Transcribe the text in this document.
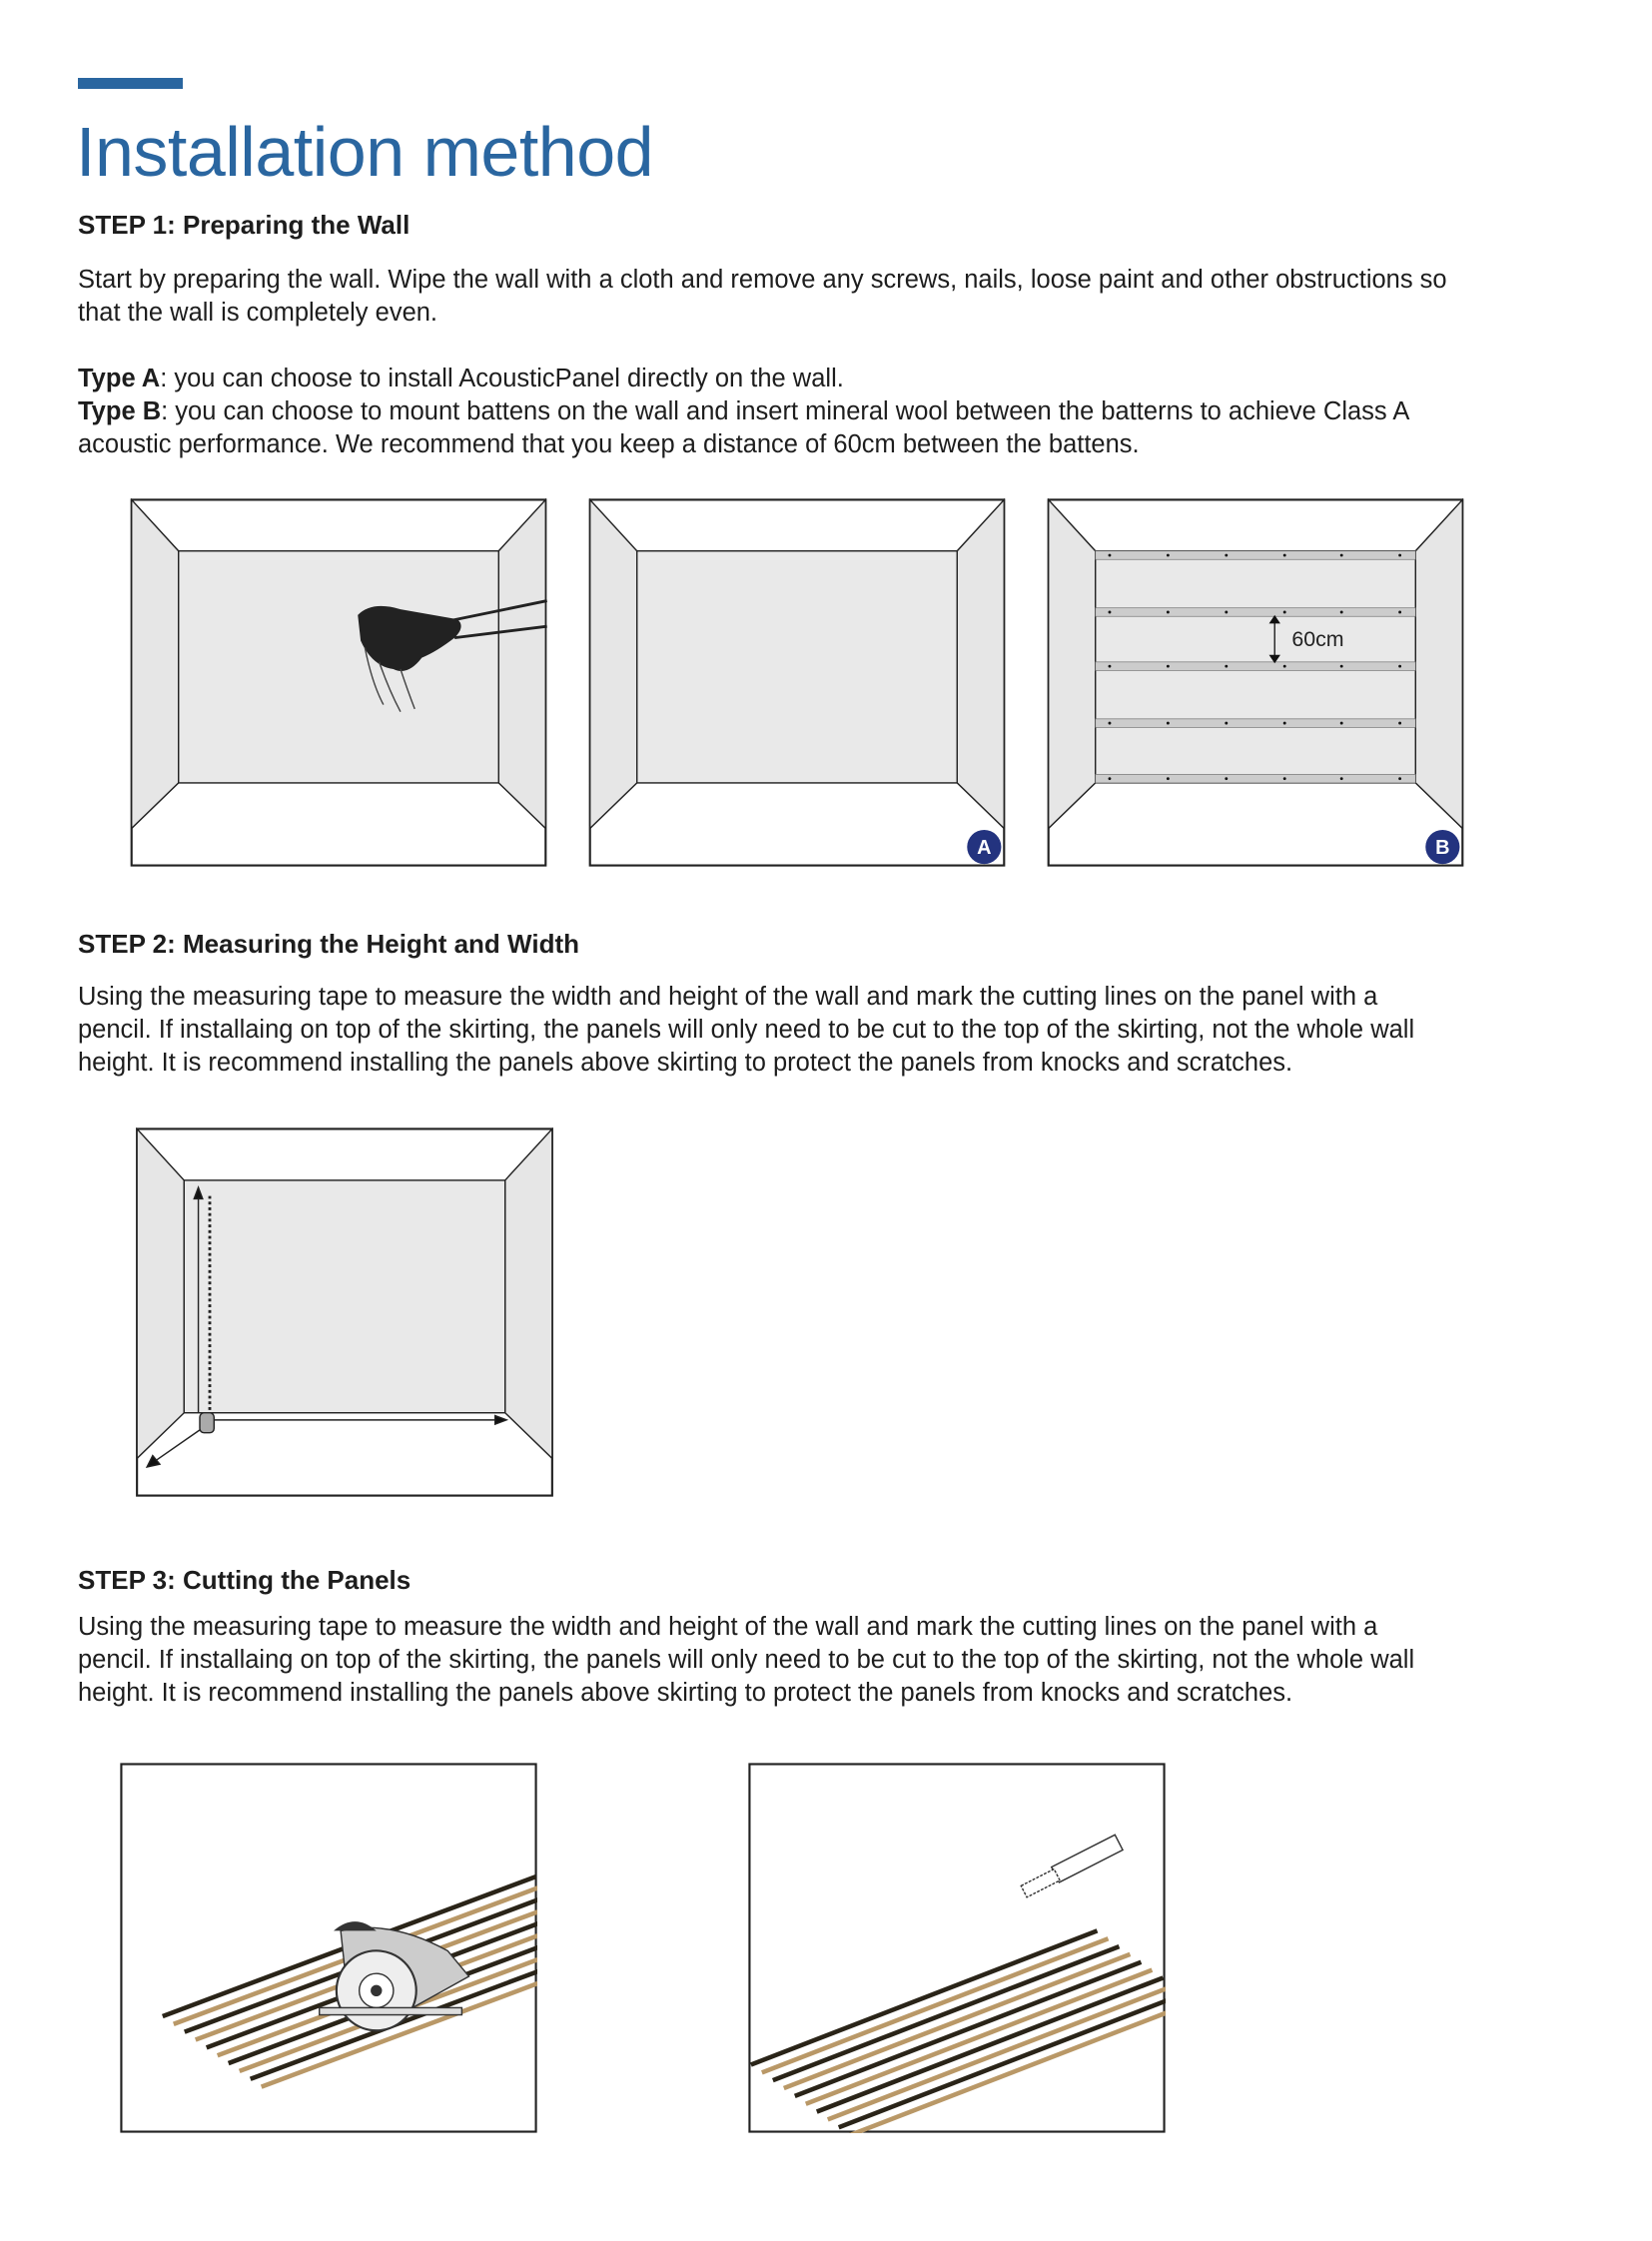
Installation method
STEP 1: Preparing the Wall
Start by preparing the wall. Wipe the wall with a cloth and remove any screws, nails, loose paint and other obstructions so
that the wall is completely even.
Type A: you can choose to install AcousticPanel directly on the wall.
Type B: you can choose to mount battens on the wall and insert mineral wool between the batterns to achieve Class A
acoustic performance. We recommend that you keep a distance of 60cm between the battens.
A
60cm
B
STEP 2: Measuring the Height and Width
Using the measuring tape to measure the width and height of the wall and mark the cutting lines on the panel with a
pencil. If installaing on top of the skirting, the panels will only need to be cut to the top of the skirting, not the whole wall
height. It is recommend installing the panels above skirting to protect the panels from knocks and scratches.
STEP 3: Cutting the Panels
Using the measuring tape to measure the width and height of the wall and mark the cutting lines on the panel with a
pencil. If installaing on top of the skirting, the panels will only need to be cut to the top of the skirting, not the whole wall
height. It is recommend installing the panels above skirting to protect the panels from knocks and scratches.
